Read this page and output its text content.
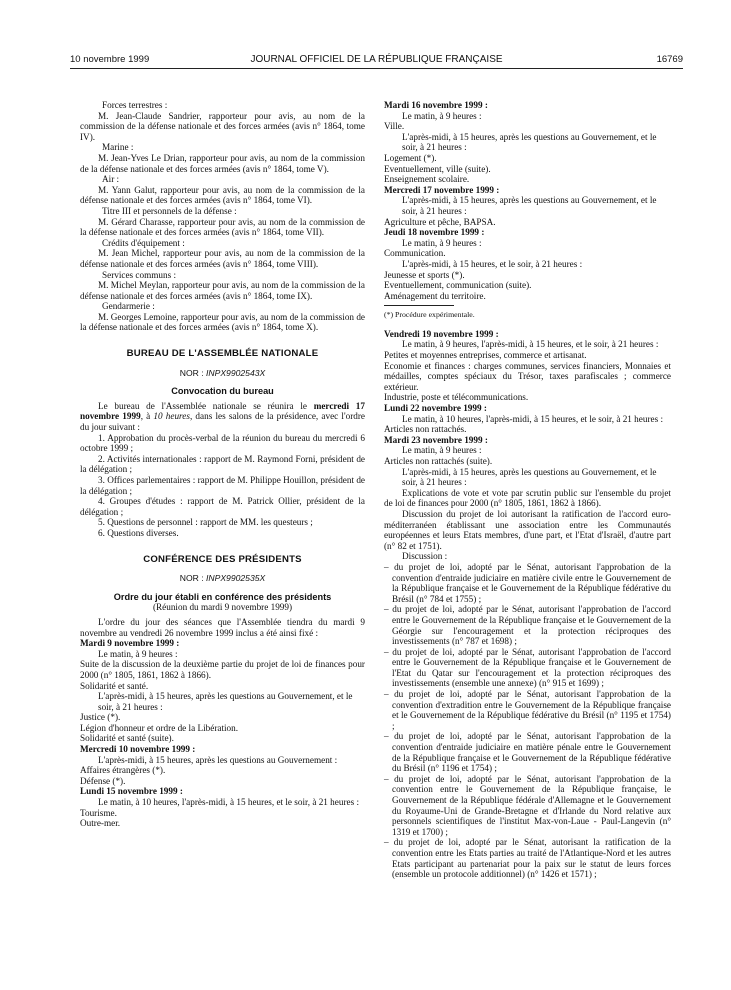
10 novembre 1999	JOURNAL OFFICIEL DE LA RÉPUBLIQUE FRANÇAISE	16769

Forces terrestres :

M. Jean-Claude Sandrier, rapporteur pour avis, au nom de la commission de la défense nationale et des forces armées (avis n° 1864, tome IV).

Marine :

M. Jean-Yves Le Drian, rapporteur pour avis, au nom de la commission de la défense nationale et des forces armées (avis n° 1864, tome V).

Air :

M. Yann Galut, rapporteur pour avis, au nom de la commission de la défense nationale et des forces armées (avis n° 1864, tome VI).

Titre III et personnels de la défense :

M. Gérard Charasse, rapporteur pour avis, au nom de la commission de la défense nationale et des forces armées (avis n° 1864, tome VII).

Crédits d'équipement :

M. Jean Michel, rapporteur pour avis, au nom de la commission de la défense nationale et des forces armées (avis n° 1864, tome VIII).

Services communs :

M. Michel Meylan, rapporteur pour avis, au nom de la commission de la défense nationale et des forces armées (avis n° 1864, tome IX).

Gendarmerie :

M. Georges Lemoine, rapporteur pour avis, au nom de la commission de la défense nationale et des forces armées (avis n° 1864, tome X).

BUREAU DE L'ASSEMBLÉE NATIONALE

NOR : INPX9902543X

Convocation du bureau

Le bureau de l'Assemblée nationale se réunira le mercredi 17 novembre 1999, à 10 heures, dans les salons de la présidence, avec l'ordre du jour suivant :

1. Approbation du procès-verbal de la réunion du bureau du mercredi 6 octobre 1999 ;

2. Activités internationales : rapport de M. Raymond Forni, président de la délégation ;

3. Offices parlementaires : rapport de M. Philippe Houillon, président de la délégation ;

4. Groupes d'études : rapport de M. Patrick Ollier, président de la délégation ;

5. Questions de personnel : rapport de MM. les questeurs ;

6. Questions diverses.

CONFÉRENCE DES PRÉSIDENTS

NOR : INPX9902535X

Ordre du jour établi en conférence des présidents

(Réunion du mardi 9 novembre 1999)

L'ordre du jour des séances que l'Assemblée tiendra du mardi 9 novembre au vendredi 26 novembre 1999 inclus a été ainsi fixé :

Mardi 9 novembre 1999 :

Le matin, à 9 heures :

Suite de la discussion de la deuxième partie du projet de loi de finances pour 2000 (n° 1805, 1861, 1862 à 1866).

Solidarité et santé.

L'après-midi, à 15 heures, après les questions au Gouvernement, et le soir, à 21 heures :

Justice (*).

Légion d'honneur et ordre de la Libération.

Solidarité et santé (suite).

Mercredi 10 novembre 1999 :

L'après-midi, à 15 heures, après les questions au Gouvernement :

Affaires étrangères (*).

Défense (*).

Lundi 15 novembre 1999 :

Le matin, à 10 heures, l'après-midi, à 15 heures, et le soir, à 21 heures :

Tourisme.

Outre-mer.

Mardi 16 novembre 1999 :

Le matin, à 9 heures :

Ville.

L'après-midi, à 15 heures, après les questions au Gouvernement, et le soir, à 21 heures :

Logement (*).

Eventuellement, ville (suite).

Enseignement scolaire.

Mercredi 17 novembre 1999 :

L'après-midi, à 15 heures, après les questions au Gouvernement, et le soir, à 21 heures :

Agriculture et pêche, BAPSA.

Jeudi 18 novembre 1999 :

Le matin, à 9 heures :

Communication.

L'après-midi, à 15 heures, et le soir, à 21 heures :

Jeunesse et sports (*).

Eventuellement, communication (suite).

Aménagement du territoire.

(*) Procédure expérimentale.

Vendredi 19 novembre 1999 :

Le matin, à 9 heures, l'après-midi, à 15 heures, et le soir, à 21 heures :

Petites et moyennes entreprises, commerce et artisanat.

Economie et finances : charges communes, services financiers, Monnaies et médailles, comptes spéciaux du Trésor, taxes parafiscales ; commerce extérieur.

Industrie, poste et télécommunications.

Lundi 22 novembre 1999 :

Le matin, à 10 heures, l'après-midi, à 15 heures, et le soir, à 21 heures :

Articles non rattachés.

Mardi 23 novembre 1999 :

Le matin, à 9 heures :

Articles non rattachés (suite).

L'après-midi, à 15 heures, après les questions au Gouvernement, et le soir, à 21 heures :

Explications de vote et vote par scrutin public sur l'ensemble du projet de loi de finances pour 2000 (n° 1805, 1861, 1862 à 1866).

Discussion du projet de loi autorisant la ratification de l'accord euro-méditerranéen établissant une association entre les Communautés européennes et leurs Etats membres, d'une part, et l'Etat d'Israël, d'autre part (n° 82 et 1751).

Discussion :

– du projet de loi, adopté par le Sénat, autorisant l'approbation de la convention d'entraide judiciaire en matière civile entre le Gouvernement de la République française et le Gouvernement de la République fédérative du Brésil (n° 784 et 1755) ;

– du projet de loi, adopté par le Sénat, autorisant l'approbation de l'accord entre le Gouvernement de la République française et le Gouvernement de la Géorgie sur l'encouragement et la protection réciproques des investissements (n° 787 et 1698) ;

– du projet de loi, adopté par le Sénat, autorisant l'approbation de l'accord entre le Gouvernement de la République française et le Gouvernement de l'Etat du Qatar sur l'encouragement et la protection réciproques des investissements (ensemble une annexe) (n° 915 et 1699) ;

– du projet de loi, adopté par le Sénat, autorisant l'approbation de la convention d'extradition entre le Gouvernement de la République française et le Gouvernement de la République fédérative du Brésil (n° 1195 et 1754) ;

– du projet de loi, adopté par le Sénat, autorisant l'approbation de la convention d'entraide judiciaire en matière pénale entre le Gouvernement de la République française et le Gouvernement de la République fédérative du Brésil (n° 1196 et 1754) ;

– du projet de loi, adopté par le Sénat, autorisant l'approbation de la convention entre le Gouvernement de la République française, le Gouvernement de la République fédérale d'Allemagne et le Gouvernement du Royaume-Uni de Grande-Bretagne et d'Irlande du Nord relative aux personnels scientifiques de l'institut Max-von-Laue - Paul-Langevin (n° 1319 et 1700) ;

– du projet de loi, adopté par le Sénat, autorisant la ratification de la convention entre les Etats parties au traité de l'Atlantique-Nord et les autres Etats participant au partenariat pour la paix sur le statut de leurs forces (ensemble un protocole additionnel) (n° 1426 et 1571) ;
